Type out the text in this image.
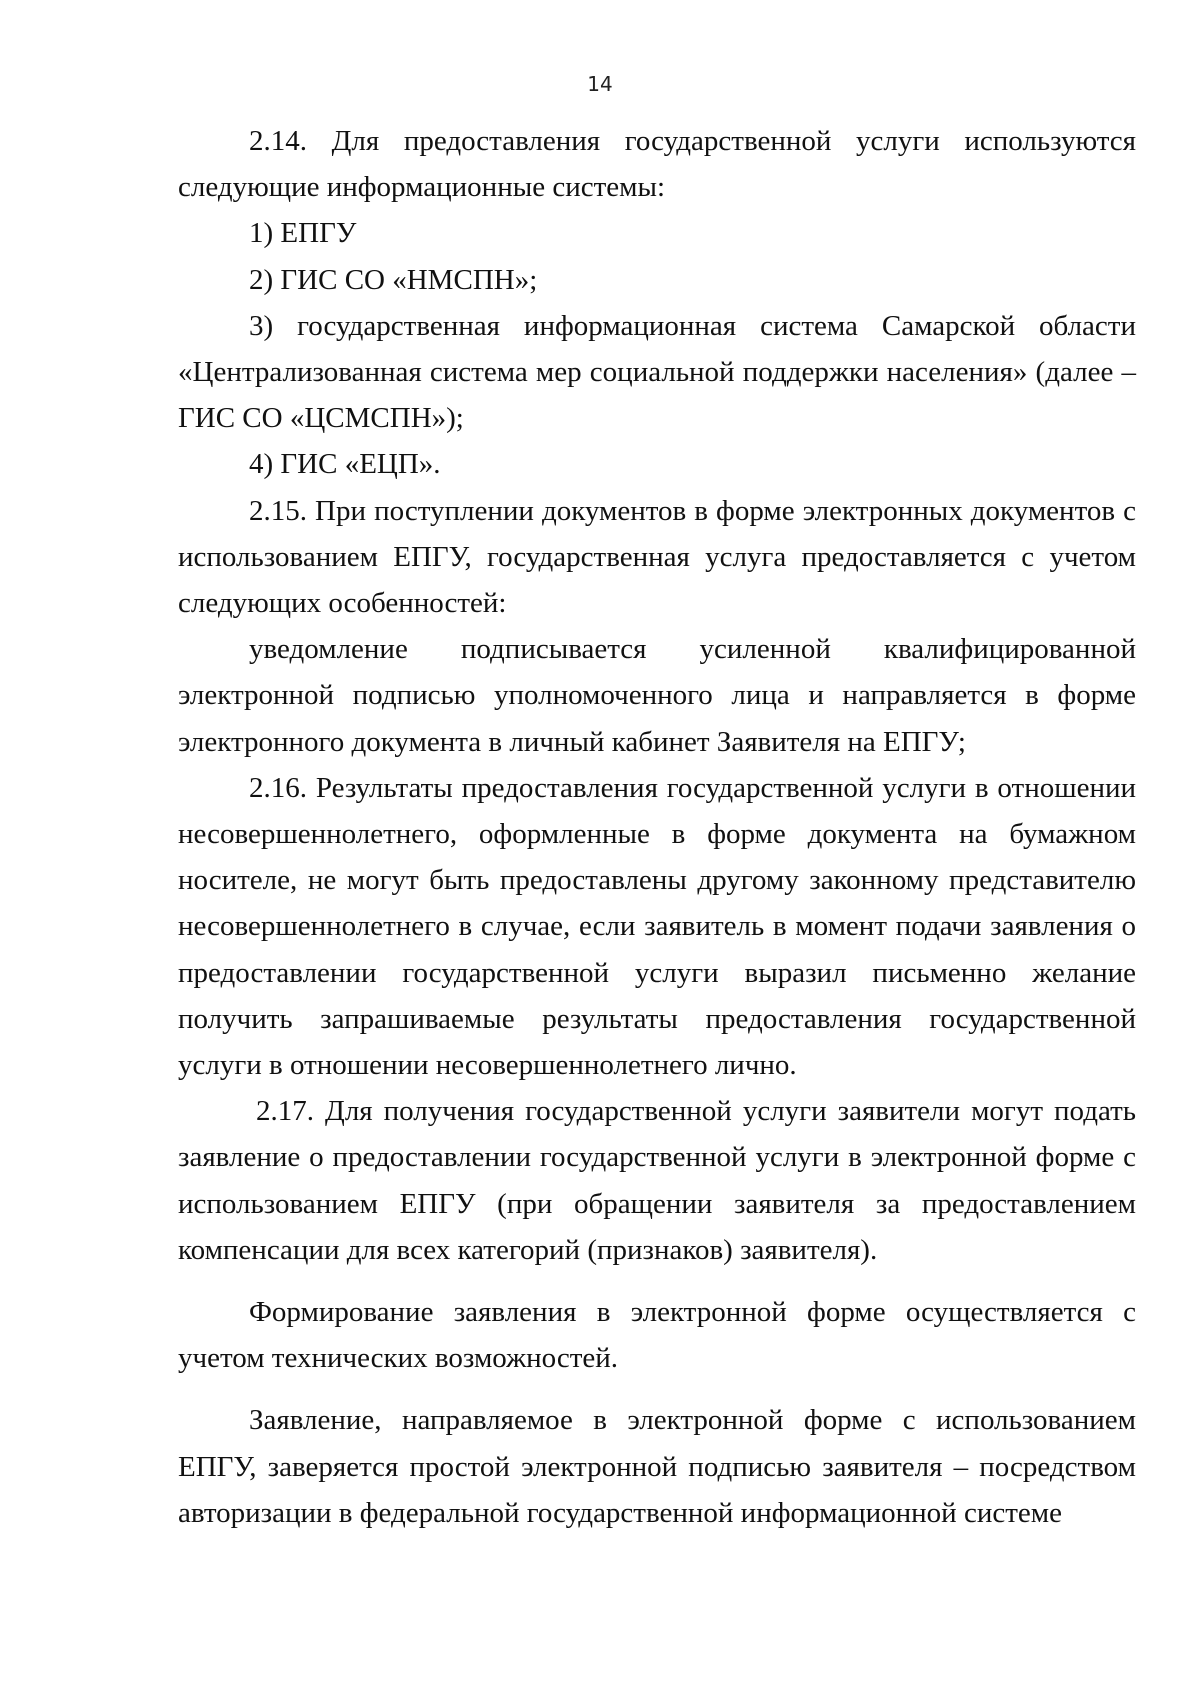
14

2.14. Для предоставления государственной услуги используются следующие информационные системы:

1) ЕПГУ

2) ГИС СО «НМСПН»;

3) государственная информационная система Самарской области «Централизованная система мер социальной поддержки населения» (далее – ГИС СО «ЦСМСПН»);

4) ГИС «ЕЦП».

2.15. При поступлении документов в форме электронных документов с использованием ЕПГУ, государственная услуга предоставляется с учетом следующих особенностей:

уведомление подписывается усиленной квалифицированной электронной подписью уполномоченного лица и направляется в форме электронного документа в личный кабинет Заявителя на ЕПГУ;

2.16. Результаты предоставления государственной услуги в отношении несовершеннолетнего, оформленные в форме документа на бумажном носителе, не могут быть предоставлены другому законному представителю несовершеннолетнего в случае, если заявитель в момент подачи заявления о предоставлении государственной услуги выразил письменно желание получить запрашиваемые результаты предоставления государственной услуги в отношении несовершеннолетнего лично.

2.17. Для получения государственной услуги заявители могут подать заявление о предоставлении государственной услуги в электронной форме с использованием ЕПГУ (при обращении заявителя за предоставлением компенсации для всех категорий (признаков) заявителя).

Формирование заявления в электронной форме осуществляется с учетом технических возможностей.

Заявление, направляемое в электронной форме с использованием ЕПГУ, заверяется простой электронной подписью заявителя – посредством авторизации в федеральной государственной информационной системе
